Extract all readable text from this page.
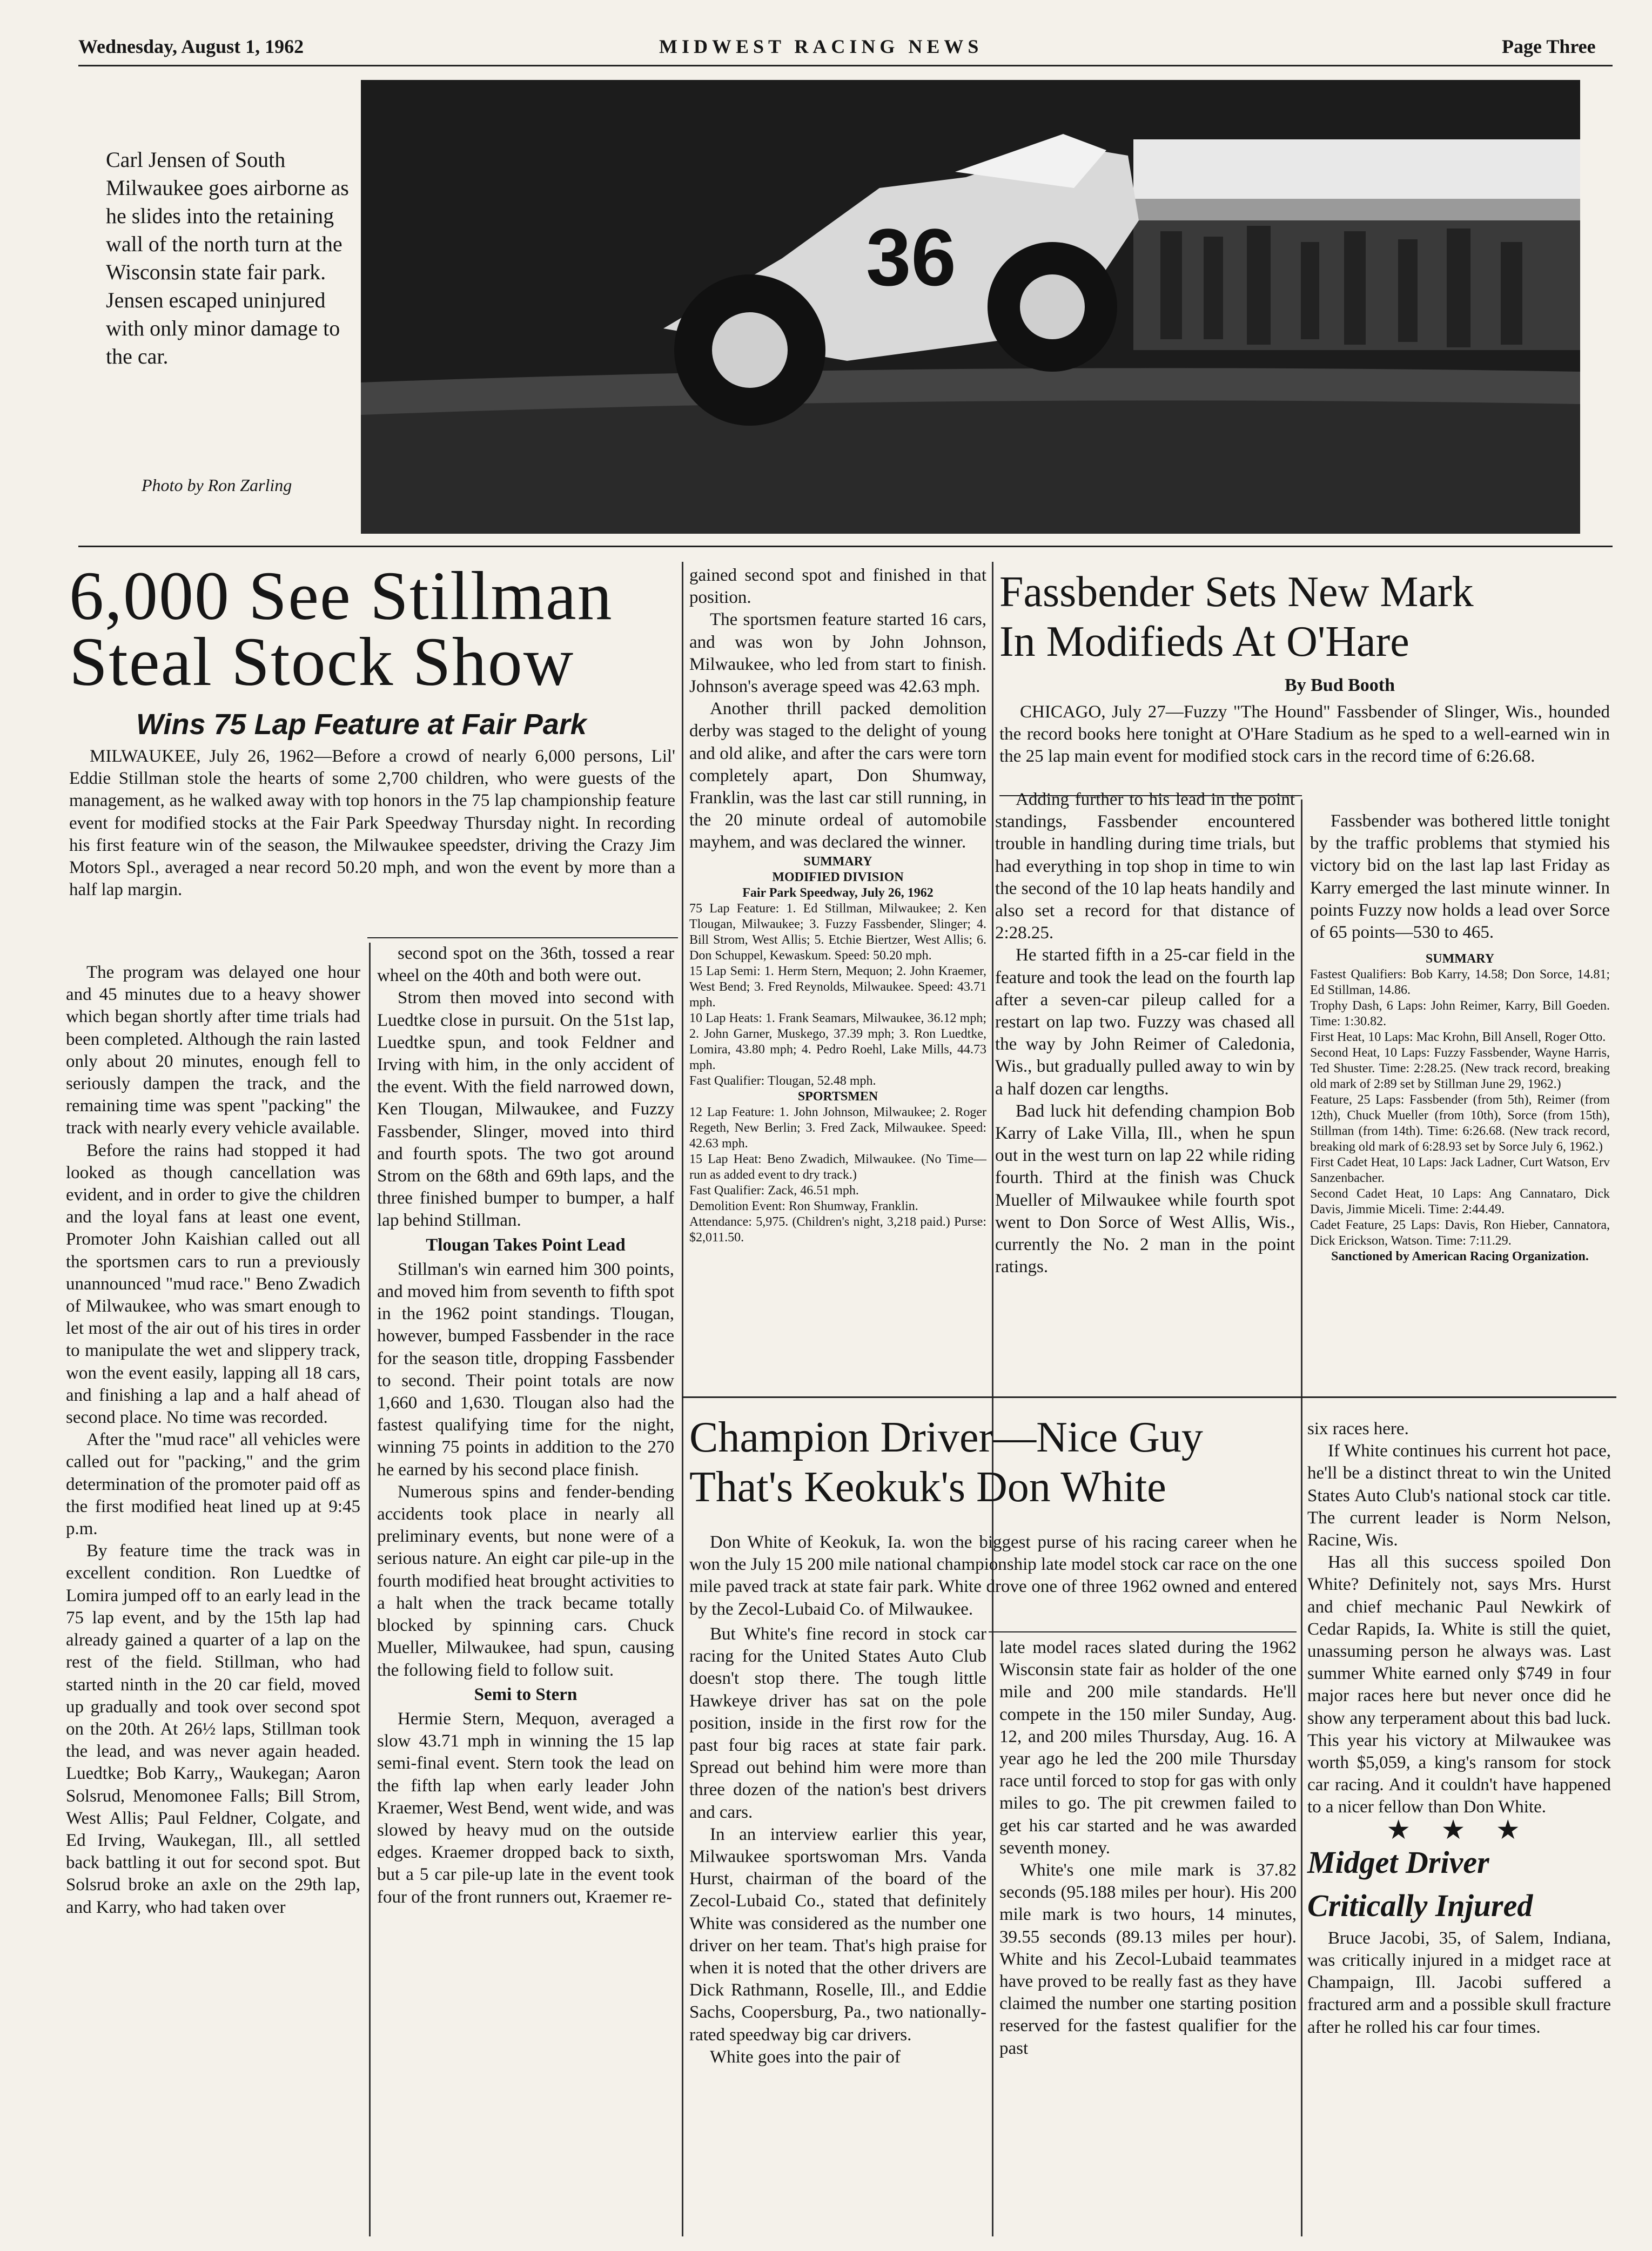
Wednesday, August 1, 1962	MIDWEST RACING NEWS	Page Three
36
Carl Jensen of South Milwaukee goes airborne as he slides into the retaining wall of the north turn at the Wisconsin state fair park. Jensen escaped uninjured with only minor damage to the car.
Photo by Ron Zarling
6,000 See Stillman
Steal Stock Show
Wins 75 Lap Feature at Fair Park

MILWAUKEE, July 26, 1962—Before a crowd of nearly 6,000 persons, Lil' Eddie Stillman stole the hearts of some 2,700 children, who were guests of the management, as he walked away with top honors in the 75 lap championship feature event for modified stocks at the Fair Park Speedway Thursday night. In recording his first feature win of the season, the Milwaukee speedster, driving the Crazy Jim Motors Spl., averaged a near record 50.20 mph, and won the event by more than a half lap margin.

The program was delayed one hour and 45 minutes due to a heavy shower which began shortly after time trials had been completed. Although the rain lasted only about 20 minutes, enough fell to seriously dampen the track, and the remaining time was spent "packing" the track with nearly every vehicle available.

Before the rains had stopped it had looked as though cancellation was evident, and in order to give the children and the loyal fans at least one event, Promoter John Kaishian called out all the sportsmen cars to run a previously unannounced "mud race." Beno Zwadich of Milwaukee, who was smart enough to let most of the air out of his tires in order to manipulate the wet and slippery track, won the event easily, lapping all 18 cars, and finishing a lap and a half ahead of second place. No time was recorded.

After the "mud race" all vehicles were called out for "packing," and the grim determination of the promoter paid off as the first modified heat lined up at 9:45 p.m.

By feature time the track was in excellent condition. Ron Luedtke of Lomira jumped off to an early lead in the 75 lap event, and by the 15th lap had already gained a quarter of a lap on the rest of the field. Stillman, who had started ninth in the 20 car field, moved up gradually and took over second spot on the 20th. At 26½ laps, Stillman took the lead, and was never again headed. Luedtke; Bob Karry,, Waukegan; Aaron Solsrud, Menomonee Falls; Bill Strom, West Allis; Paul Feldner, Colgate, and Ed Irving, Waukegan, Ill., all settled back battling it out for second spot. But Solsrud broke an axle on the 29th lap, and Karry, who had taken over

second spot on the 36th, tossed a rear wheel on the 40th and both were out.

Strom then moved into second with Luedtke close in pursuit. On the 51st lap, Luedtke spun, and took Feldner and Irving with him, in the only accident of the event. With the field narrowed down, Ken Tlougan, Milwaukee, and Fuzzy Fassbender, Slinger, moved into third and fourth spots. The two got around Strom on the 68th and 69th laps, and the three finished bumper to bumper, a half lap behind Stillman.

Tlougan Takes Point Lead

Stillman's win earned him 300 points, and moved him from seventh to fifth spot in the 1962 point standings. Tlougan, however, bumped Fassbender in the race for the season title, dropping Fassbender to second. Their point totals are now 1,660 and 1,630. Tlougan also had the fastest qualifying time for the night, winning 75 points in addition to the 270 he earned by his second place finish.

Numerous spins and fender-bending accidents took place in nearly all preliminary events, but none were of a serious nature. An eight car pile-up in the fourth modified heat brought activities to a halt when the track became totally blocked by spinning cars. Chuck Mueller, Milwaukee, had spun, causing the following field to follow suit.

Semi to Stern

Hermie Stern, Mequon, averaged a slow 43.71 mph in winning the 15 lap semi-final event. Stern took the lead on the fifth lap when early leader John Kraemer, West Bend, went wide, and was slowed by heavy mud on the outside edges. Kraemer dropped back to sixth, but a 5 car pile-up late in the event took four of the front runners out, Kraemer re-

gained second spot and finished in that position.

The sportsmen feature started 16 cars, and was won by John Johnson, Milwaukee, who led from start to finish. Johnson's average speed was 42.63 mph.

Another thrill packed demolition derby was staged to the delight of young and old alike, and after the cars were torn completely apart, Don Shumway, Franklin, was the last car still running, in the 20 minute ordeal of automobile mayhem, and was declared the winner.

SUMMARY

MODIFIED DIVISION

Fair Park Speedway, July 26, 1962

75 Lap Feature: 1. Ed Stillman, Milwaukee; 2. Ken Tlougan, Milwaukee; 3. Fuzzy Fassbender, Slinger; 4. Bill Strom, West Allis; 5. Etchie Biertzer, West Allis; 6. Don Schuppel, Kewaskum. Speed: 50.20 mph.

15 Lap Semi: 1. Herm Stern, Mequon; 2. John Kraemer, West Bend; 3. Fred Reynolds, Milwaukee. Speed: 43.71 mph.

10 Lap Heats: 1. Frank Seamars, Milwaukee, 36.12 mph; 2. John Garner, Muskego, 37.39 mph; 3. Ron Luedtke, Lomira, 43.80 mph; 4. Pedro Roehl, Lake Mills, 44.73 mph.

Fast Qualifier: Tlougan, 52.48 mph.

SPORTSMEN

12 Lap Feature: 1. John Johnson, Milwaukee; 2. Roger Regeth, New Berlin; 3. Fred Zack, Milwaukee. Speed: 42.63 mph.

15 Lap Heat: Beno Zwadich, Milwaukee. (No Time—run as added event to dry track.)

Fast Qualifier: Zack, 46.51 mph.

Demolition Event: Ron Shumway, Franklin.

Attendance: 5,975. (Children's night, 3,218 paid.) Purse: $2,011.50.

Fassbender Sets New Mark
In Modifieds At O'Hare
By Bud Booth

CHICAGO, July 27—Fuzzy "The Hound" Fassbender of Slinger, Wis., hounded the record books here tonight at O'Hare Stadium as he sped to a well-earned win in the 25 lap main event for modified stock cars in the record time of 6:26.68.

Adding further to his lead in the point standings, Fassbender encountered trouble in handling during time trials, but had everything in top shop in time to win the second of the 10 lap heats handily and also set a record for that distance of 2:28.25.

He started fifth in a 25-car field in the feature and took the lead on the fourth lap after a seven-car pileup called for a restart on lap two. Fuzzy was chased all the way by John Reimer of Caledonia, Wis., but gradually pulled away to win by a half dozen car lengths.

Bad luck hit defending champion Bob Karry of Lake Villa, Ill., when he spun out in the west turn on lap 22 while riding fourth. Third at the finish was Chuck Mueller of Milwaukee while fourth spot went to Don Sorce of West Allis, Wis., currently the No. 2 man in the point ratings.

Fassbender was bothered little tonight by the traffic problems that stymied his victory bid on the last lap last Friday as Karry emerged the last minute winner. In points Fuzzy now holds a lead over Sorce of 65 points—530 to 465.

SUMMARY

Fastest Qualifiers: Bob Karry, 14.58; Don Sorce, 14.81; Ed Stillman, 14.86.

Trophy Dash, 6 Laps: John Reimer, Karry, Bill Goeden. Time: 1:30.82.

First Heat, 10 Laps: Mac Krohn, Bill Ansell, Roger Otto.

Second Heat, 10 Laps: Fuzzy Fassbender, Wayne Harris, Ted Shuster. Time: 2:28.25. (New track record, breaking old mark of 2:89 set by Stillman June 29, 1962.)

Feature, 25 Laps: Fassbender (from 5th), Reimer (from 12th), Chuck Mueller (from 10th), Sorce (from 15th), Stillman (from 14th). Time: 6:26.68. (New track record, breaking old mark of 6:28.93 set by Sorce July 6, 1962.)

First Cadet Heat, 10 Laps: Jack Ladner, Curt Watson, Erv Sanzenbacher.

Second Cadet Heat, 10 Laps: Ang Cannataro, Dick Davis, Jimmie Miceli. Time: 2:44.49.

Cadet Feature, 25 Laps: Davis, Ron Hieber, Cannatora, Dick Erickson, Watson. Time: 7:11.29.

Sanctioned by American Racing Organization.

Champion Driver—Nice Guy
That's Keokuk's Don White

Don White of Keokuk, Ia. won the biggest purse of his racing career when he won the July 15 200 mile national championship late model stock car race on the one mile paved track at state fair park. White drove one of three 1962 owned and entered by the Zecol-Lubaid Co. of Milwaukee.

But White's fine record in stock car racing for the United States Auto Club doesn't stop there. The tough little Hawkeye driver has sat on the pole position, inside in the first row for the past four big races at state fair park. Spread out behind him were more than three dozen of the nation's best drivers and cars.

In an interview earlier this year, Milwaukee sportswoman Mrs. Vanda Hurst, chairman of the board of the Zecol-Lubaid Co., stated that definitely White was considered as the number one driver on her team. That's high praise for when it is noted that the other drivers are Dick Rathmann, Roselle, Ill., and Eddie Sachs, Coopersburg, Pa., two nationally-rated speedway big car drivers.

White goes into the pair of

late model races slated during the 1962 Wisconsin state fair as holder of the one mile and 200 mile standards. He'll compete in the 150 miler Sunday, Aug. 12, and 200 miles Thursday, Aug. 16. A year ago he led the 200 mile Thursday race until forced to stop for gas with only miles to go. The pit crewmen failed to get his car started and he was awarded seventh money.

White's one mile mark is 37.82 seconds (95.188 miles per hour). His 200 mile mark is two hours, 14 minutes, 39.55 seconds (89.13 miles per hour). White and his Zecol-Lubaid teammates have proved to be really fast as they have claimed the number one starting position reserved for the fastest qualifier for the past

six races here.

If White continues his current hot pace, he'll be a distinct threat to win the United States Auto Club's national stock car title. The current leader is Norm Nelson, Racine, Wis.

Has all this success spoiled Don White? Definitely not, says Mrs. Hurst and chief mechanic Paul Newkirk of Cedar Rapids, Ia. White is still the quiet, unassuming person he always was. Last summer White earned only $749 in four major races here but never once did he show any terperament about this bad luck. This year his victory at Milwaukee was worth $5,059, a king's ransom for stock car racing. And it couldn't have happened to a nicer fellow than Don White.

★ ★ ★
Midget Driver
Critically Injured

Bruce Jacobi, 35, of Salem, Indiana, was critically injured in a midget race at Champaign, Ill. Jacobi suffered a fractured arm and a possible skull fracture after he rolled his car four times.
